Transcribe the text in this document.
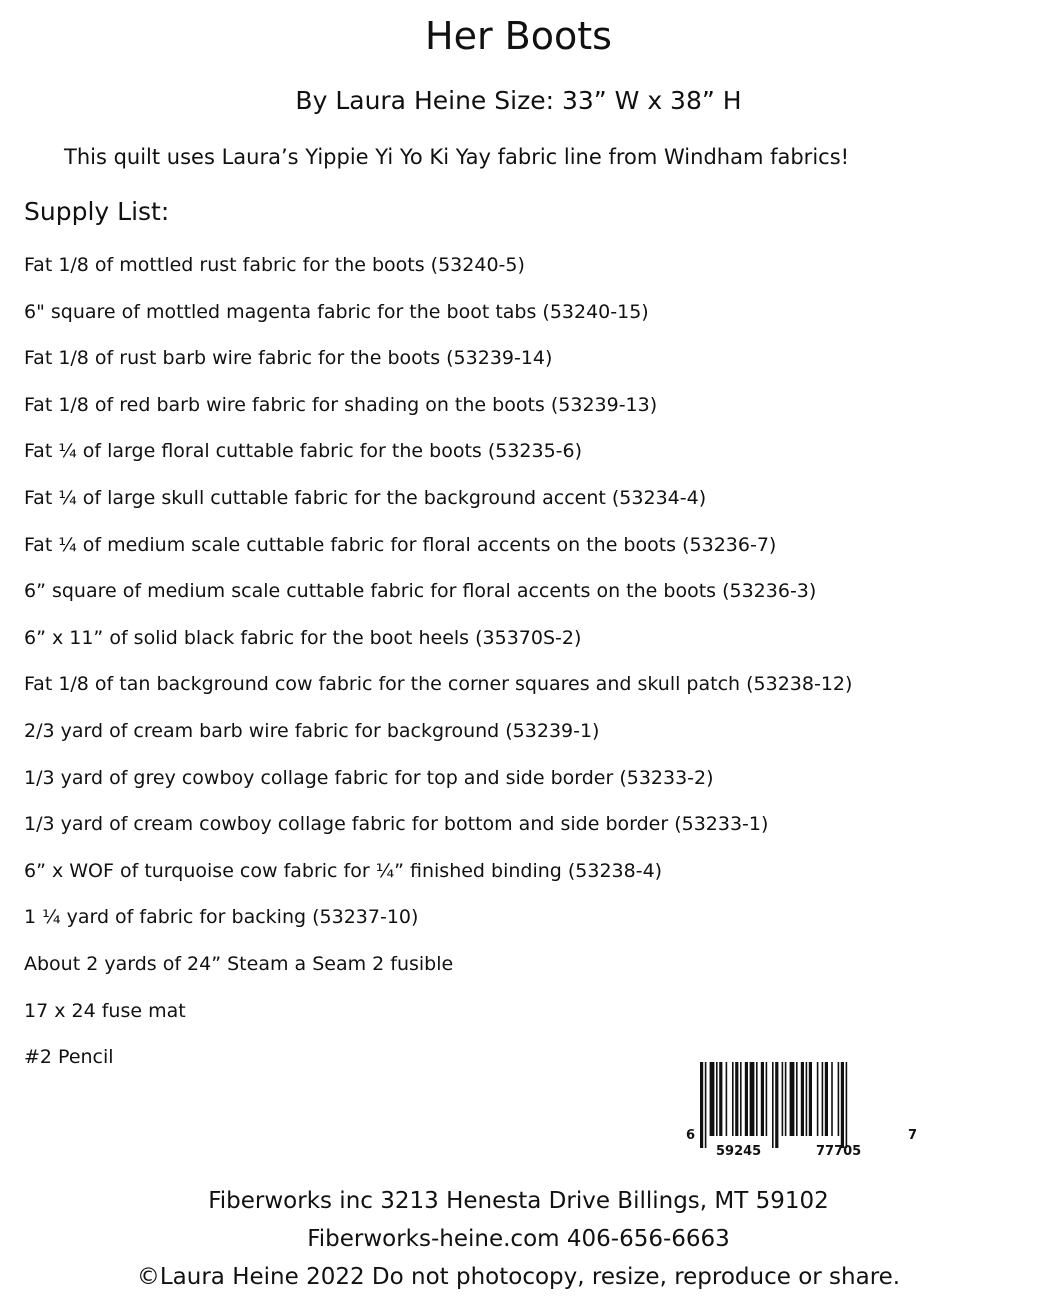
Her Boots
By Laura Heine Size: 33” W x 38” H
This quilt uses Laura’s Yippie Yi Yo Ki Yay fabric line from Windham fabrics!
Supply List:
Fat 1/8 of mottled rust fabric for the boots (53240-5)
6" square of mottled magenta fabric for the boot tabs (53240-15)
Fat 1/8 of rust barb wire fabric for the boots (53239-14)
Fat 1/8 of red barb wire fabric for shading on the boots (53239-13)
Fat ¼ of large floral cuttable fabric for the boots (53235-6)
Fat ¼ of large skull cuttable fabric for the background accent (53234-4)
Fat ¼ of medium scale cuttable fabric for floral accents on the boots (53236-7)
6” square of medium scale cuttable fabric for floral accents on the boots (53236-3)
6” x 11” of solid black fabric for the boot heels (35370S-2)
Fat 1/8 of tan background cow fabric for the corner squares and skull patch (53238-12)
2/3 yard of cream barb wire fabric for background (53239-1)
1/3 yard of grey cowboy collage fabric for top and side border (53233-2)
1/3 yard of cream cowboy collage fabric for bottom and side border (53233-1)
6” x WOF of turquoise cow fabric for ¼” finished binding (53238-4)
1 ¼ yard of fabric for backing (53237-10)
About 2 yards of 24” Steam a Seam 2 fusible
17 x 24 fuse mat
#2 Pencil
6
59245	77705
7
Fiberworks inc 3213 Henesta Drive Billings, MT 59102
Fiberworks-heine.com 406-656-6663
©Laura Heine 2022 Do not photocopy, resize, reproduce or share.
